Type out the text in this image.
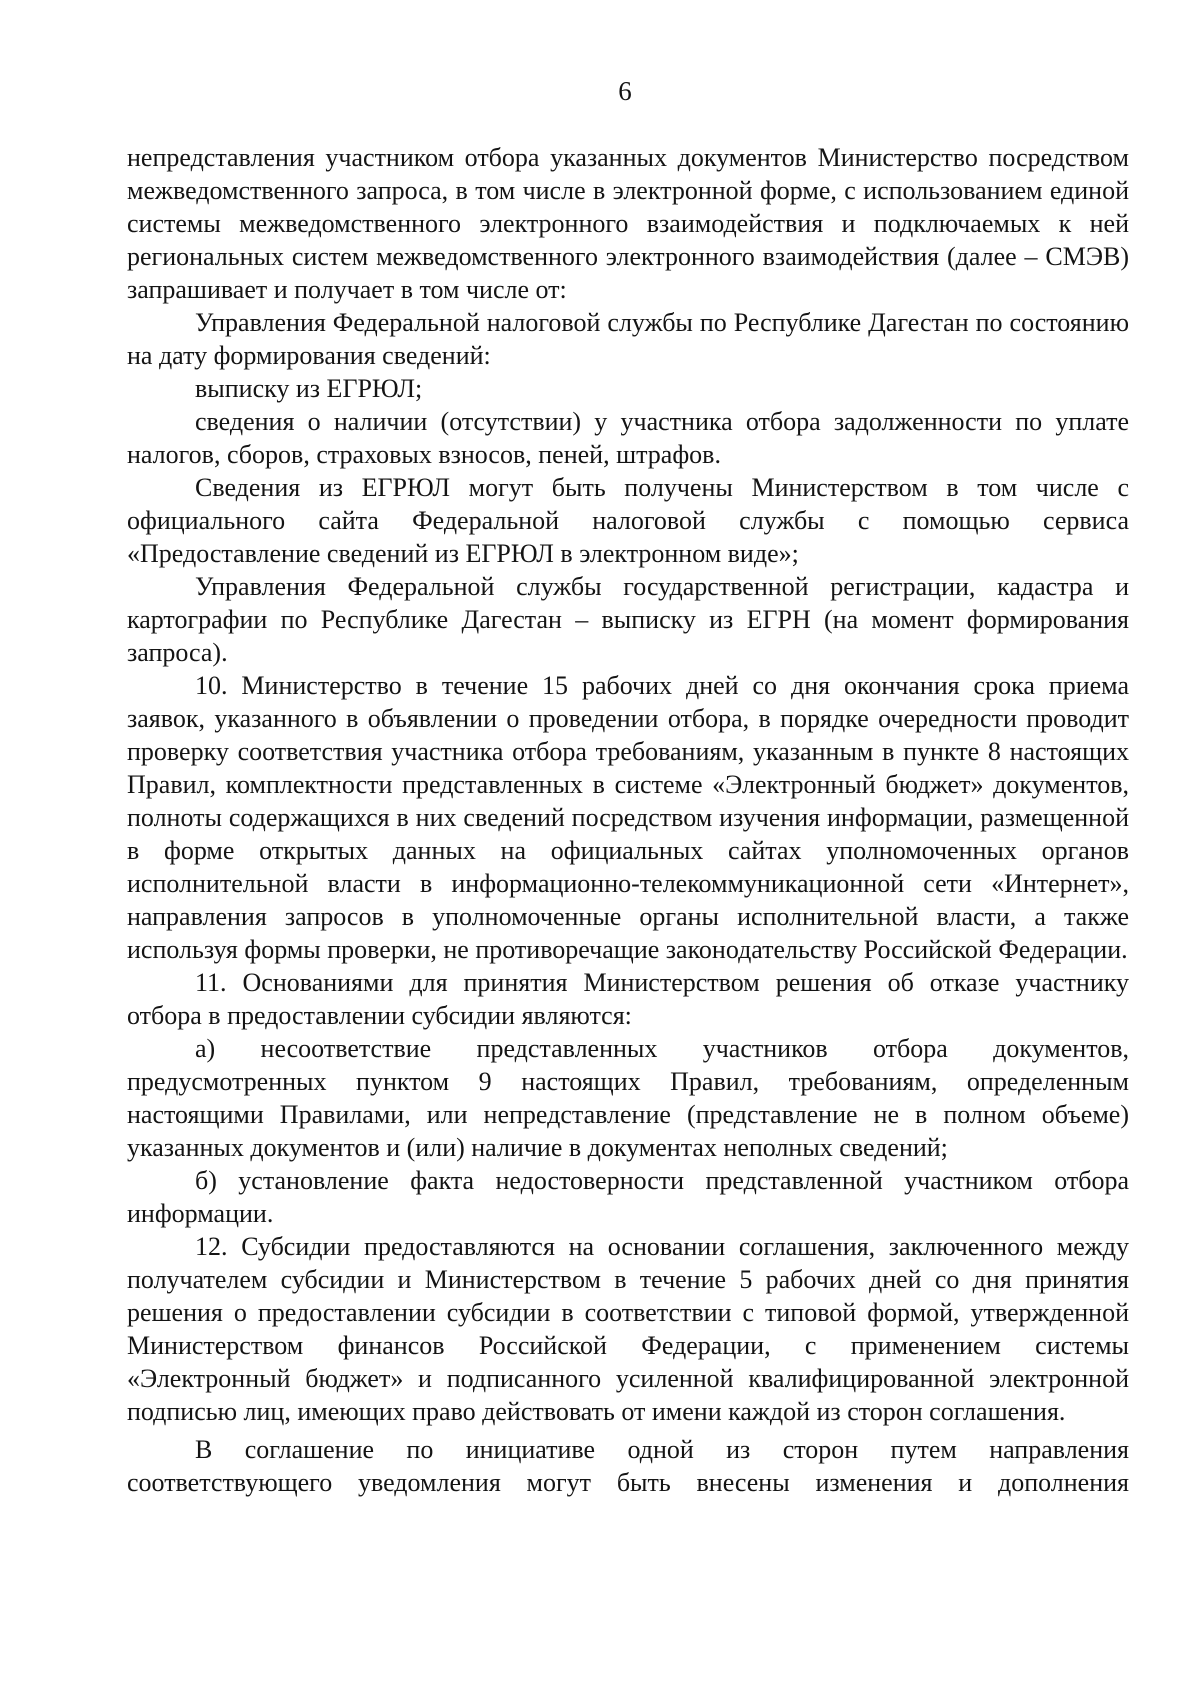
6

непредставления участником отбора указанных документов Министерство посредством межведомственного запроса, в том числе в электронной форме, с использованием единой системы межведомственного электронного взаимодействия и подключаемых к ней региональных систем межведомственного электронного взаимодействия (далее – СМЭВ) запрашивает и получает в том числе от:

Управления Федеральной налоговой службы по Республике Дагестан по состоянию на дату формирования сведений:

выписку из ЕГРЮЛ;

сведения о наличии (отсутствии) у участника отбора задолженности по уплате налогов, сборов, страховых взносов, пеней, штрафов.

Сведения из ЕГРЮЛ могут быть получены Министерством в том числе с официального сайта Федеральной налоговой службы с помощью сервиса «Предоставление сведений из ЕГРЮЛ в электронном виде»;

Управления Федеральной службы государственной регистрации, кадастра и картографии по Республике Дагестан – выписку из ЕГРН (на момент формирования запроса).

10. Министерство в течение 15 рабочих дней со дня окончания срока приема заявок, указанного в объявлении о проведении отбора, в порядке очередности проводит проверку соответствия участника отбора требованиям, указанным в пункте 8 настоящих Правил, комплектности представленных в системе «Электронный бюджет» документов, полноты содержащихся в них сведений посредством изучения информации, размещенной в форме открытых данных на официальных сайтах уполномоченных органов исполнительной власти в информационно-телекоммуникационной сети «Интернет», направления запросов в уполномоченные органы исполнительной власти, а также используя формы проверки, не противоречащие законодательству Российской Федерации.

11. Основаниями для принятия Министерством решения об отказе участнику отбора в предоставлении субсидии являются:

а) несоответствие представленных участников отбора документов, предусмотренных пунктом 9 настоящих Правил, требованиям, определенным настоящими Правилами, или непредставление (представление не в полном объеме) указанных документов и (или) наличие в документах неполных сведений;

б) установление факта недостоверности представленной участником отбора информации.

12. Субсидии предоставляются на основании соглашения, заключенного между получателем субсидии и Министерством в течение 5 рабочих дней со дня принятия решения о предоставлении субсидии в соответствии с типовой формой, утвержденной Министерством финансов Российской Федерации, с применением системы «Электронный бюджет» и подписанного усиленной квалифицированной электронной подписью лиц, имеющих право действовать от имени каждой из сторон соглашения.

В соглашение по инициативе одной из сторон путем направления соответствующего уведомления могут быть внесены изменения и дополнения
